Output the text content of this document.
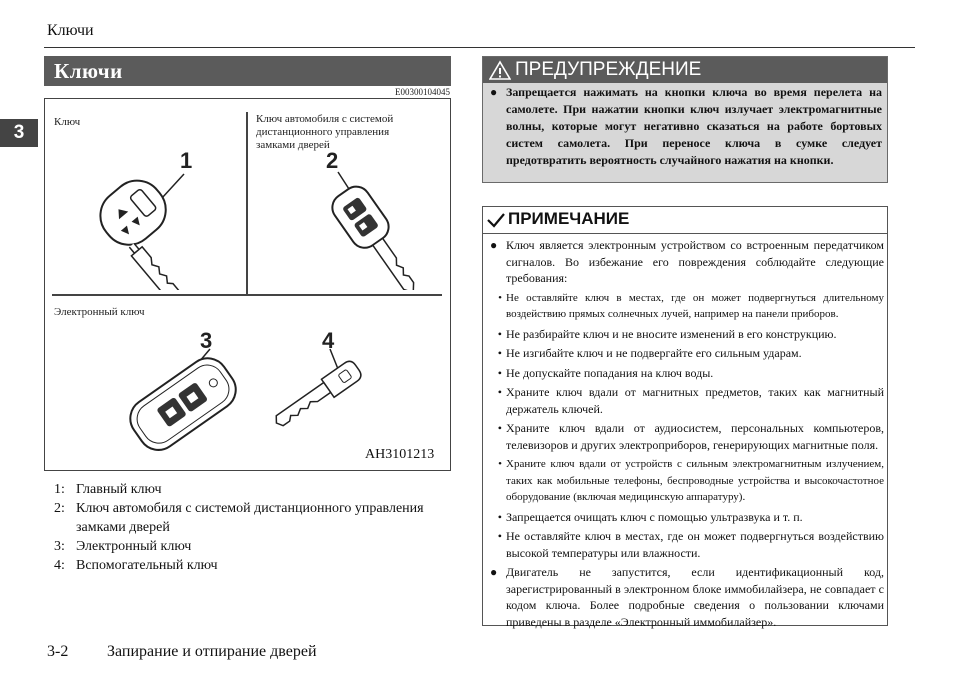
Ключи
3
Ключи
E00300104045
Ключ	Ключ автомобиля с системой дистанционного управления замками дверей
Электронный ключ
1	2
3	4
AH3101213
1: Главный ключ
2: Ключ автомобиля с системой дистанционного управления замками дверей
3: Электронный ключ
4: Вспомогательный ключ
3-2 Запирание и отпирание дверей
ПРЕДУПРЕЖДЕНИЕ
● Запрещается нажимать на кнопки ключа во время перелета на самолете. При нажатии кнопки ключ излучает электромагнитные волны, которые могут негативно сказаться на работе бортовых систем самолета. При переносе ключа в сумке следует предотвратить вероятность случайного нажатия на кнопки.
ПРИМЕЧАНИЕ
● Ключ является электронным устройством со встроенным передатчиком сигналов. Во избежание его повреждения соблюдайте следующие требования:
• Не оставляйте ключ в местах, где он может подвергнуться длительному воздействию прямых солнечных лучей, например на панели приборов.
• Не разбирайте ключ и не вносите изменений в его конструкцию.
• Не изгибайте ключ и не подвергайте его сильным ударам.
• Не допускайте попадания на ключ воды.
• Храните ключ вдали от магнитных предметов, таких как магнитный держатель ключей.
• Храните ключ вдали от аудиосистем, персональных компьютеров, телевизоров и других электроприборов, генерирующих магнитные поля.
• Храните ключ вдали от устройств с сильным электромагнитным излучением, таких как мобильные телефоны, беспроводные устройства и высокочастотное оборудование (включая медицинскую аппаратуру).
• Запрещается очищать ключ с помощью ультразвука и т. п.
• Не оставляйте ключ в местах, где он может подвергнуться воздействию высокой температуры или влажности.
● Двигатель не запустится, если идентификационный код, зарегистрированный в электронном блоке иммобилайзера, не совпадает с кодом ключа. Более подробные сведения о пользовании ключами приведены в разделе «Электронный иммобилайзер».
